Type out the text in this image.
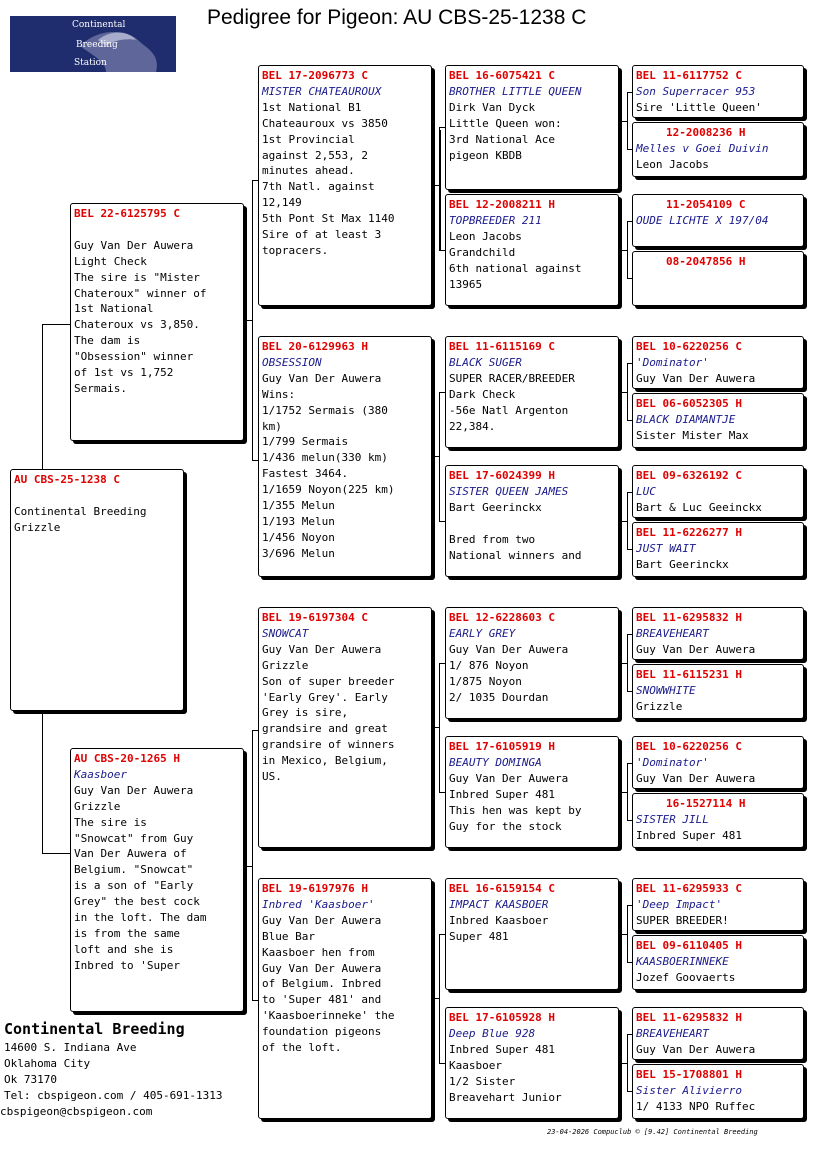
Continental
Breeding
Station
Pedigree for Pigeon: AU CBS-25-1238 C
AU CBS-25-1238 C

Continental Breeding
Grizzle
BEL 22-6125795 C

Guy Van Der Auwera
Light Check
The sire is "Mister
Chateroux" winner of
1st National
Chateroux vs 3,850.
The dam is
"Obsession" winner
of 1st vs 1,752
Sermais.
AU CBS-20-1265 H
Kaasboer
Guy Van Der Auwera
Grizzle
The sire is
"Snowcat" from Guy
Van Der Auwera of
Belgium. "Snowcat"
is a son of "Early
Grey" the best cock
in the loft. The dam
is from the same
loft and she is
Inbred to 'Super
BEL 17-2096773 C
MISTER CHATEAUROUX
1st National B1
Chateauroux vs 3850
1st Provincial
against 2,553, 2
minutes ahead.
7th Natl. against
12,149
5th Pont St Max 1140
Sire of at least 3
topracers.
BEL 20-6129963 H
OBSESSION
Guy Van Der Auwera
Wins:
1/1752 Sermais (380
km)
1/799 Sermais
1/436 melun(330 km)
Fastest 3464.
1/1659 Noyon(225 km)
1/355 Melun
1/193 Melun
1/456 Noyon
3/696 Melun
BEL 19-6197304 C
SNOWCAT
Guy Van Der Auwera
Grizzle
Son of super breeder
'Early Grey'. Early
Grey is sire,
grandsire and great
grandsire of winners
in Mexico, Belgium,
US.
BEL 19-6197976 H
Inbred 'Kaasboer'
Guy Van Der Auwera
Blue Bar
Kaasboer hen from
Guy Van Der Auwera
of Belgium. Inbred
to 'Super 481' and
'Kaasboerinneke' the
foundation pigeons
of the loft.
BEL 16-6075421 C
BROTHER LITTLE QUEEN
Dirk Van Dyck
Little Queen won:
3rd National Ace
pigeon KBDB
BEL 12-2008211 H
TOPBREEDER 211
Leon Jacobs
Grandchild
6th national against
13965
BEL 11-6115169 C
BLACK SUGER
SUPER RACER/BREEDER
Dark Check
-56e Natl Argenton
22,384.
BEL 17-6024399 H
SISTER QUEEN JAMES
Bart Geerinckx

Bred from two
National winners and
BEL 12-6228603 C
EARLY GREY
Guy Van Der Auwera
1/ 876 Noyon
1/875 Noyon
2/ 1035 Dourdan
BEL 17-6105919 H
BEAUTY DOMINGA
Guy Van Der Auwera
Inbred Super 481
This hen was kept by
Guy for the stock
BEL 16-6159154 C
IMPACT KAASBOER
Inbred Kaasboer
Super 481
BEL 17-6105928 H
Deep Blue 928
Inbred Super 481
Kaasboer
1/2 Sister
Breavehart Junior
BEL 11-6117752 C
Son Superracer 953
Sire 'Little Queen'
12-2008236 H
Melles v Goei Duivin
Leon Jacobs
11-2054109 C
OUDE LICHTE X 197/04
08-2047856 H
BEL 10-6220256 C
'Dominator'
Guy Van Der Auwera
BEL 06-6052305 H
BLACK DIAMANTJE
Sister Mister Max
BEL 09-6326192 C
LUC
Bart & Luc Geeinckx
BEL 11-6226277 H
JUST WAIT
Bart Geerinckx
BEL 11-6295832 H
BREAVEHEART
Guy Van Der Auwera
BEL 11-6115231 H
SNOWWHITE
Grizzle
BEL 10-6220256 C
'Dominator'
Guy Van Der Auwera
16-1527114 H
SISTER JILL
Inbred Super 481
BEL 11-6295933 C
'Deep Impact'
SUPER BREEDER!
BEL 09-6110405 H
KAASBOERINNEKE
Jozef Goovaerts
BEL 11-6295832 H
BREAVEHEART
Guy Van Der Auwera
BEL 15-1708801 H
Sister Alivierro
1/ 4133 NPO Ruffec
Continental Breeding
14600 S. Indiana Ave
Oklahoma City
Ok 73170
Tel: cbspigeon.com / 405-691-1313
cbspigeon@cbspigeon.com
23-04-2026 Compuclub © [9.42] Continental Breeding
